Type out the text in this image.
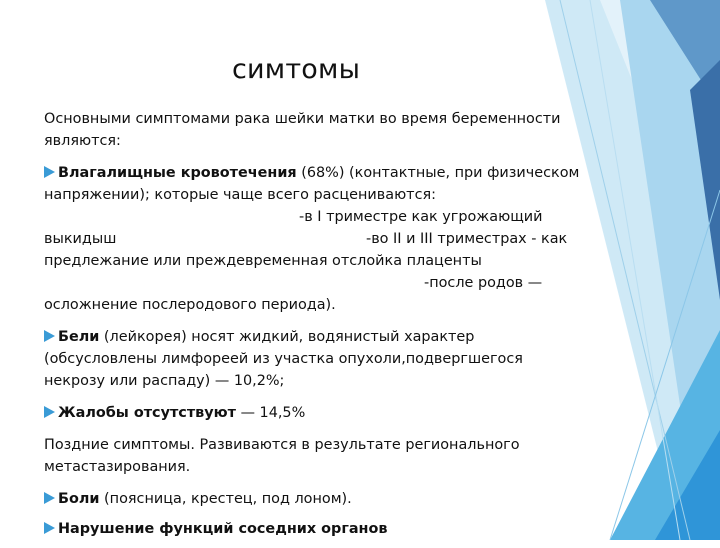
симтомы

Основными симптомами рака шейки матки во время беременности являются:

Влагалищные кровотечения (68%) (контактные, при физическом напряжении); которые чаще всего расцениваются:
-в I триместре как угрожающий
выкидыш	-во II и III триместрах - как предлежание или преждевременная отслойка плаценты
-после родов —
осложнение послеродового периода).

Бели (лейкорея) носят жидкий, водянистый характер (обсусловлены лимфореей из участка опухоли,подвергшегося некрозу или распаду) — 10,2%;

Жалобы отсутствуют — 14,5%

Поздние симптомы. Развиваются в результате регионального метастазирования.

Боли (поясница, крестец, под лоном).

Нарушение функций соседних органов
